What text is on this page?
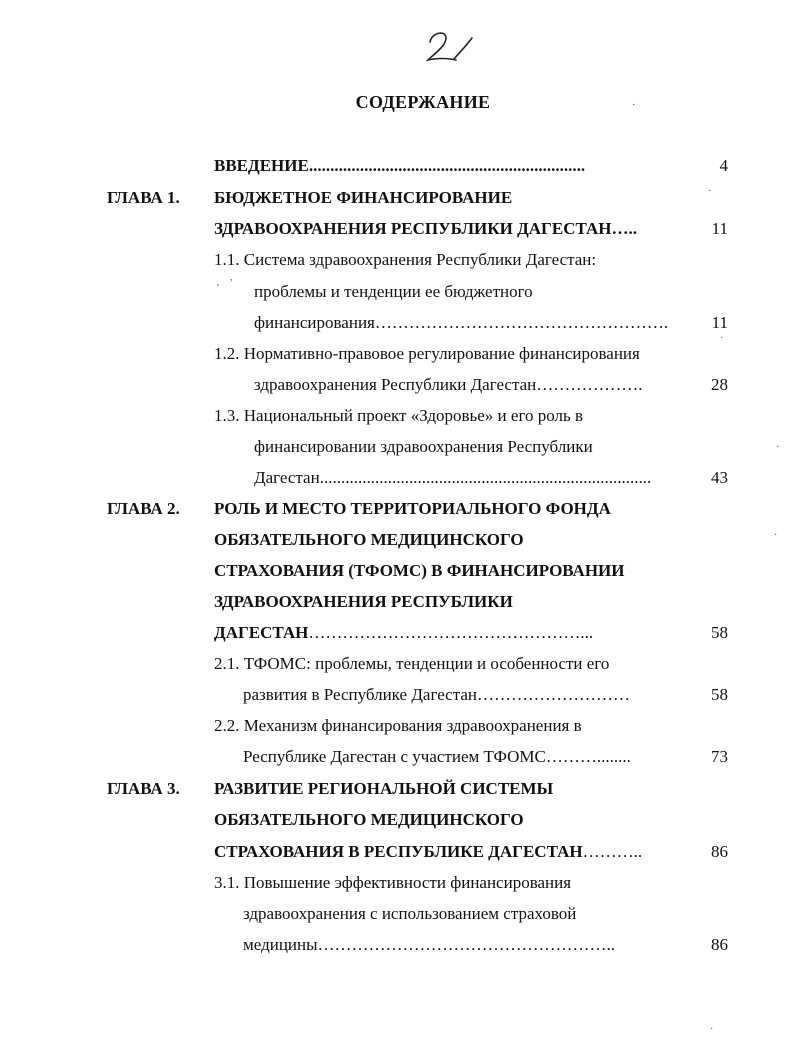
СОДЕРЖАНИЕ
ВВЕДЕНИЕ.................................................................	4
ГЛАВА 1. БЮДЖЕТНОЕ ФИНАНСИРОВАНИЕ
ЗДРАВООХРАНЕНИЯ РЕСПУБЛИКИ ДАГЕСТАН…..	11
1.1. Система здравоохранения Республики Дагестан:
проблемы и тенденции ее бюджетного
финансирования…………………………………………….	11
1.2. Нормативно-правовое регулирование финансирования
здравоохранения Республики Дагестан……………….	28
1.3. Национальный проект «Здоровье» и его роль в
финансировании здравоохранения Республики
Дагестан..............................................................................	43
ГЛАВА 2. РОЛЬ И МЕСТО ТЕРРИТОРИАЛЬНОГО ФОНДА
ОБЯЗАТЕЛЬНОГО МЕДИЦИНСКОГО
СТРАХОВАНИЯ (ТФОМС) В ФИНАНСИРОВАНИИ
ЗДРАВООХРАНЕНИЯ РЕСПУБЛИКИ
ДАГЕСТАН…………………………………………...	58
2.1. ТФОМС: проблемы, тенденции и особенности его
развития в Республике Дагестан………………………	58
2.2. Механизм финансирования здравоохранения в
Республике Дагестан с участием ТФОМС………........	73
ГЛАВА 3. РАЗВИТИЕ РЕГИОНАЛЬНОЙ СИСТЕМЫ
ОБЯЗАТЕЛЬНОГО МЕДИЦИНСКОГО
СТРАХОВАНИЯ В РЕСПУБЛИКЕ ДАГЕСТАН………..	86
3.1. Повышение эффективности финансирования
здравоохранения с использованием страховой
медицины……………………………………………..	86
·
·
'
,
·
·
·
·
